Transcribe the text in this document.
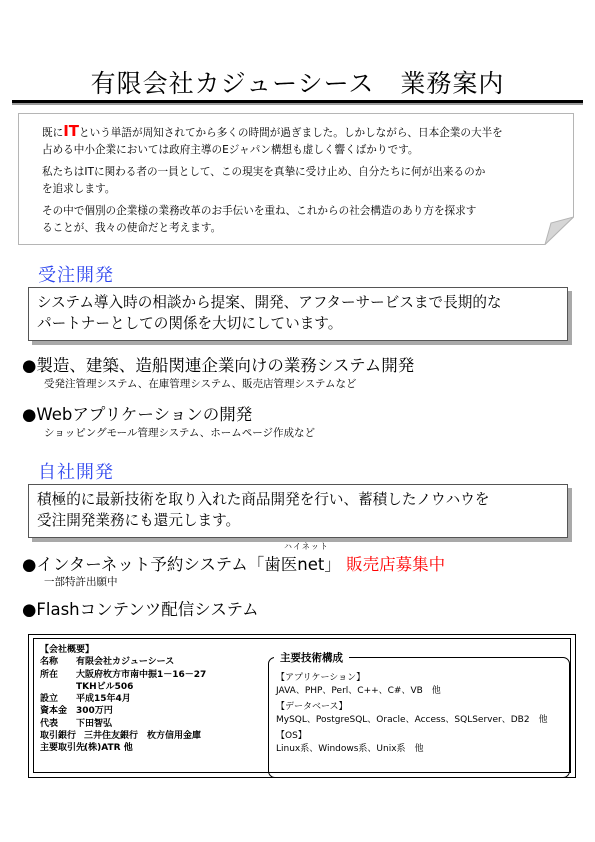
有限会社カジューシース　業務案内

既にITという単語が周知されてから多くの時間が過ぎました。しかしながら、日本企業の大半を
占める中小企業においては政府主導のEジャパン構想も虚しく響くばかりです。

私たちはITに関わる者の一員として、この現実を真摯に受け止め、自分たちに何が出来るのか
を追求します。

その中で個別の企業様の業務改革のお手伝いを重ね、これからの社会構造のあり方を探求す
ることが、我々の使命だと考えます。

受注開発
システム導入時の相談から提案、開発、アフターサービスまで長期的な
パートナーとしての関係を大切にしています。
●製造、建築、造船関連企業向けの業務システム開発
受発注管理システム、在庫管理システム、販売店管理システムなど
●Webアプリケーションの開発
ショッピングモール管理システム、ホームページ作成など
自社開発
積極的に最新技術を取り入れた商品開発を行い、蓄積したノウハウを
受注開発業務にも還元します。
ハイネット
●インターネット予約システム「歯医net」 販売店募集中
一部特許出願中
●Flashコンテンツ配信システム
【会社概要】
名称 有限会社カジューシース
所在 大阪府枚方市南中振1－16－27
TKHビル506
設立 平成15年4月
資本金 300万円
代表 下田智弘
取引銀行 三井住友銀行　枚方信用金庫
主要取引先(株)ATR 他
【アプリケーション】
JAVA、PHP、Perl、C++、C#、VB　他
【データベース】
MySQL、PostgreSQL、Oracle、Access、SQLServer、DB2　他
【OS】
Linux系、Windows系、Unix系　他
主要技術構成
